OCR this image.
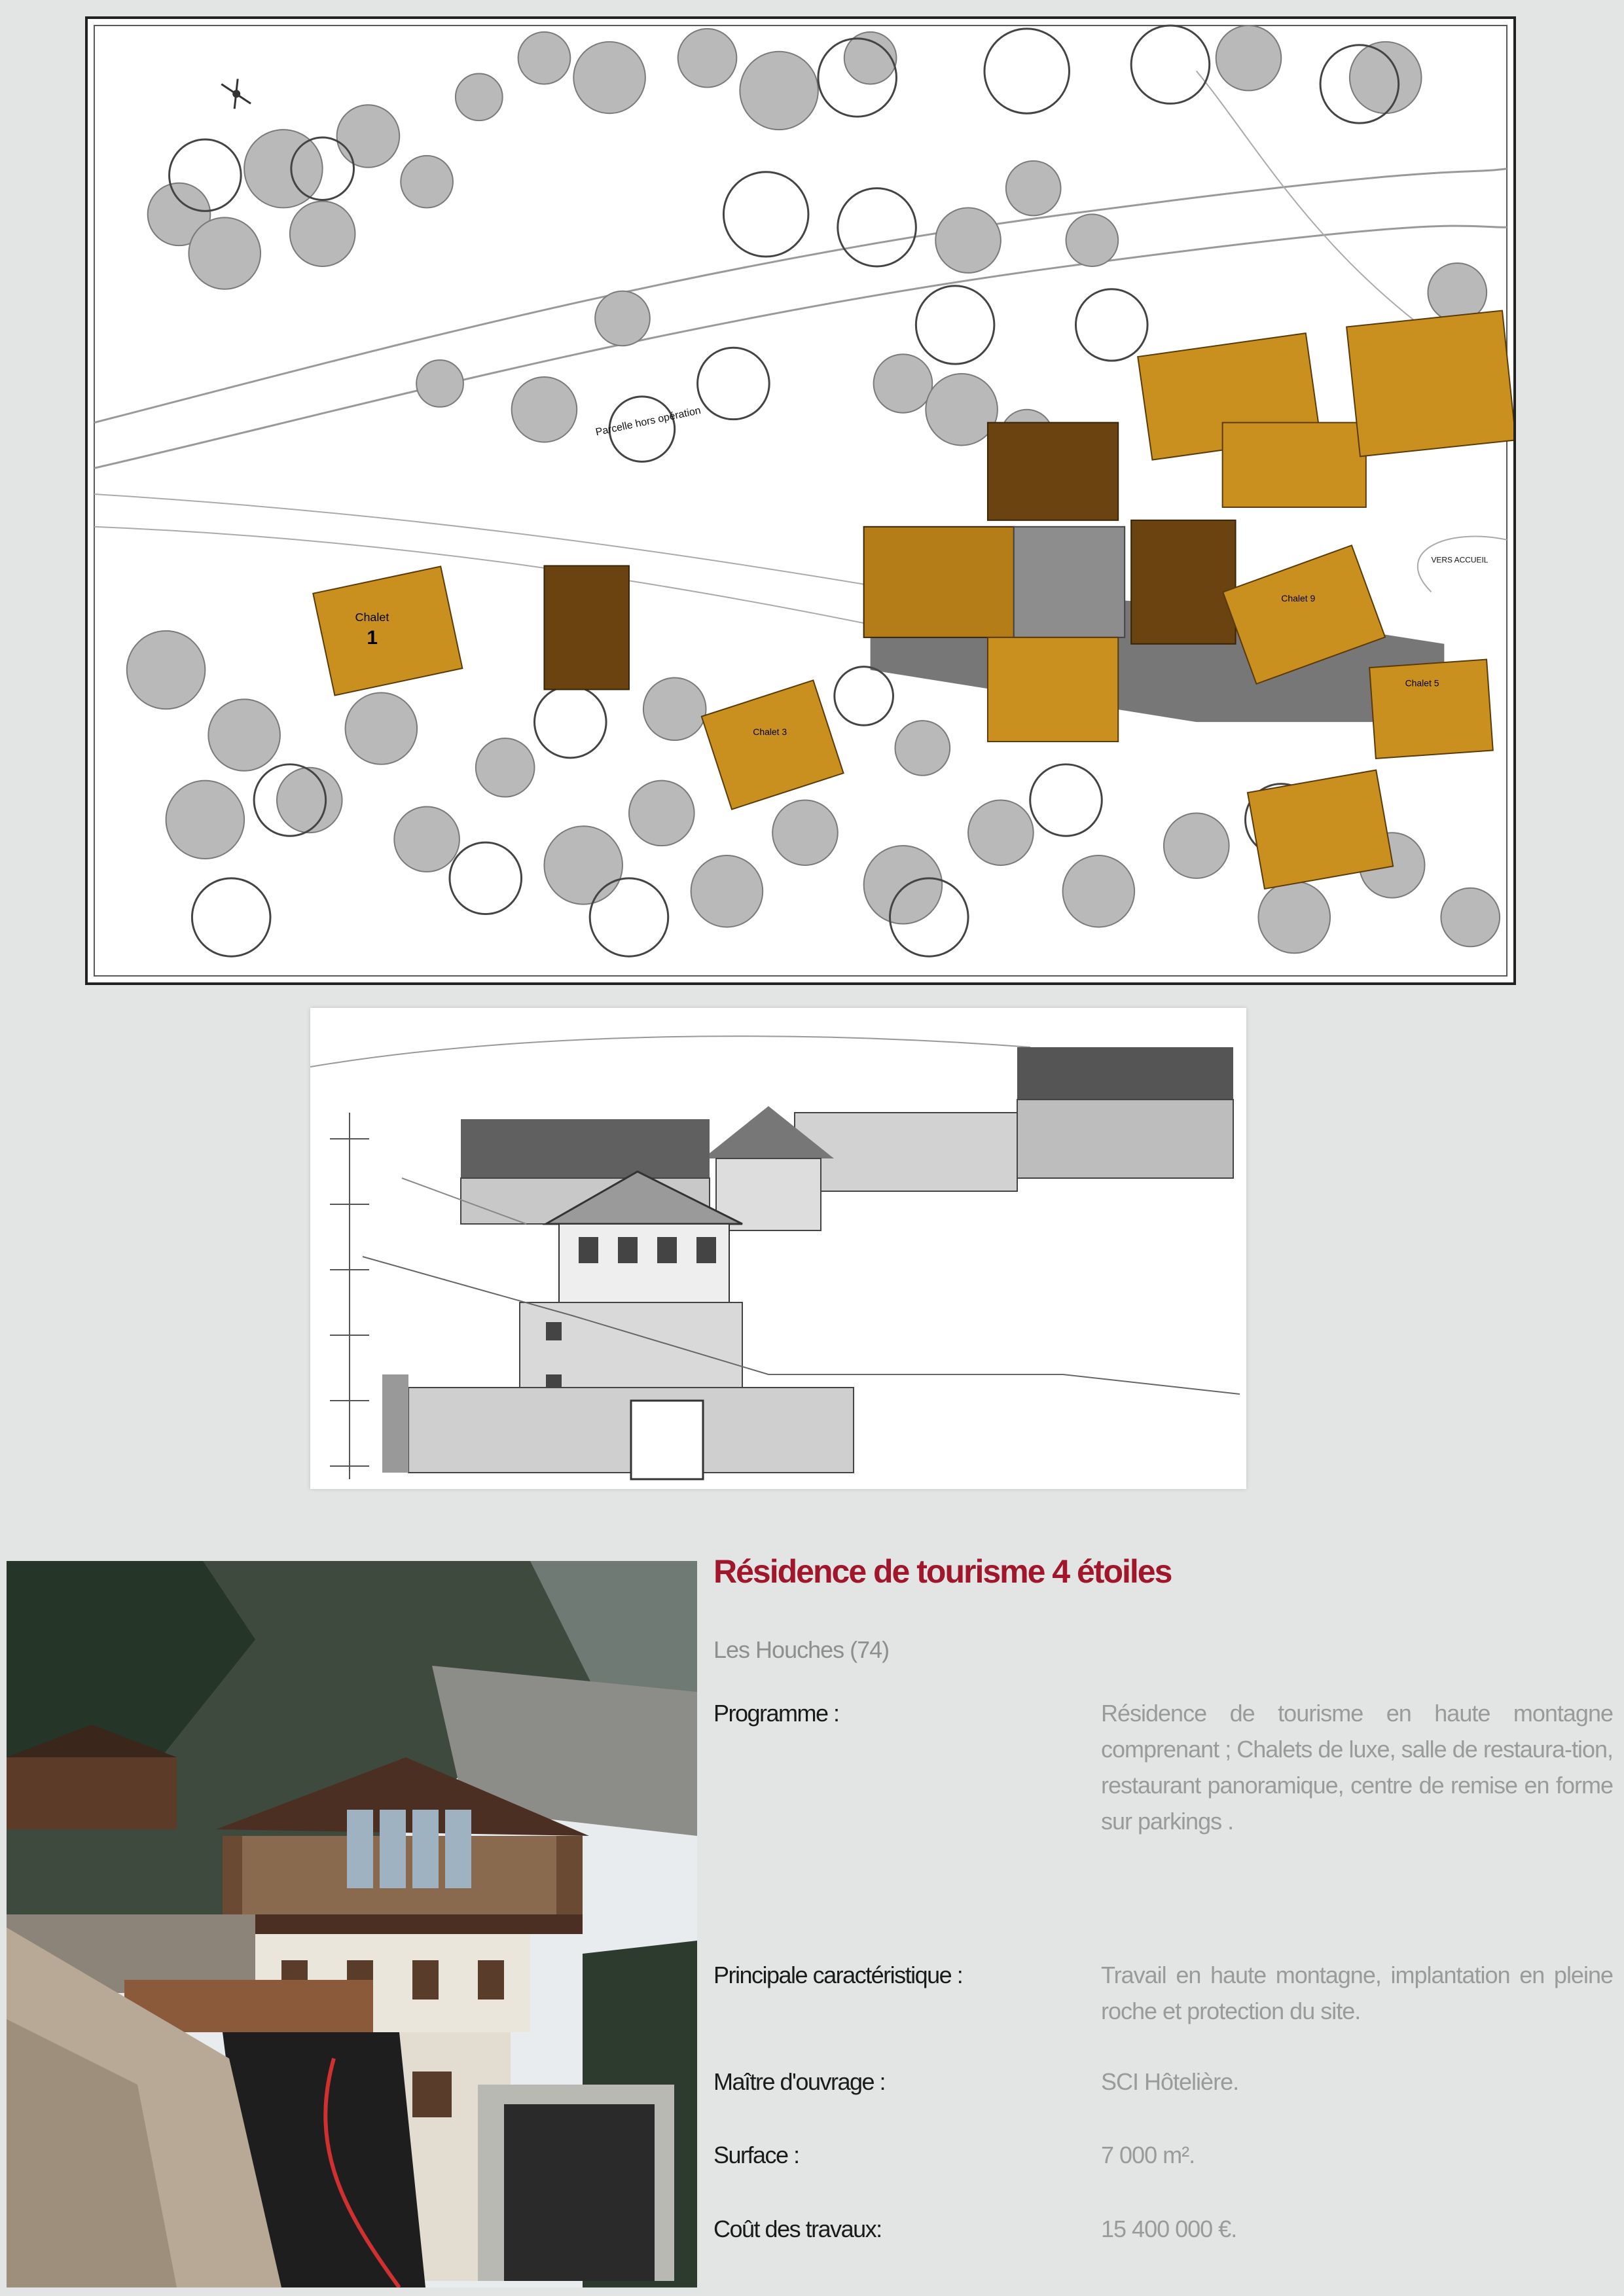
Chalet
1
Chalet 3
Chalet 9
Chalet 5
Parcelle hors opération
VERS ACCUEIL
Résidence de tourisme 4 étoiles
Les Houches (74)
Programme :	Résidence de tourisme en haute montagne comprenant ; Chalets de luxe, salle de restaura-tion, restaurant panoramique, centre de remise en forme sur parkings .
Principale caractéristique :	Travail en haute montagne, implantation en pleine roche et protection du site.
Maître d'ouvrage :	SCI Hôtelière.
Surface :	7 000 m².
Coût des travaux:	15 400 000 €.
